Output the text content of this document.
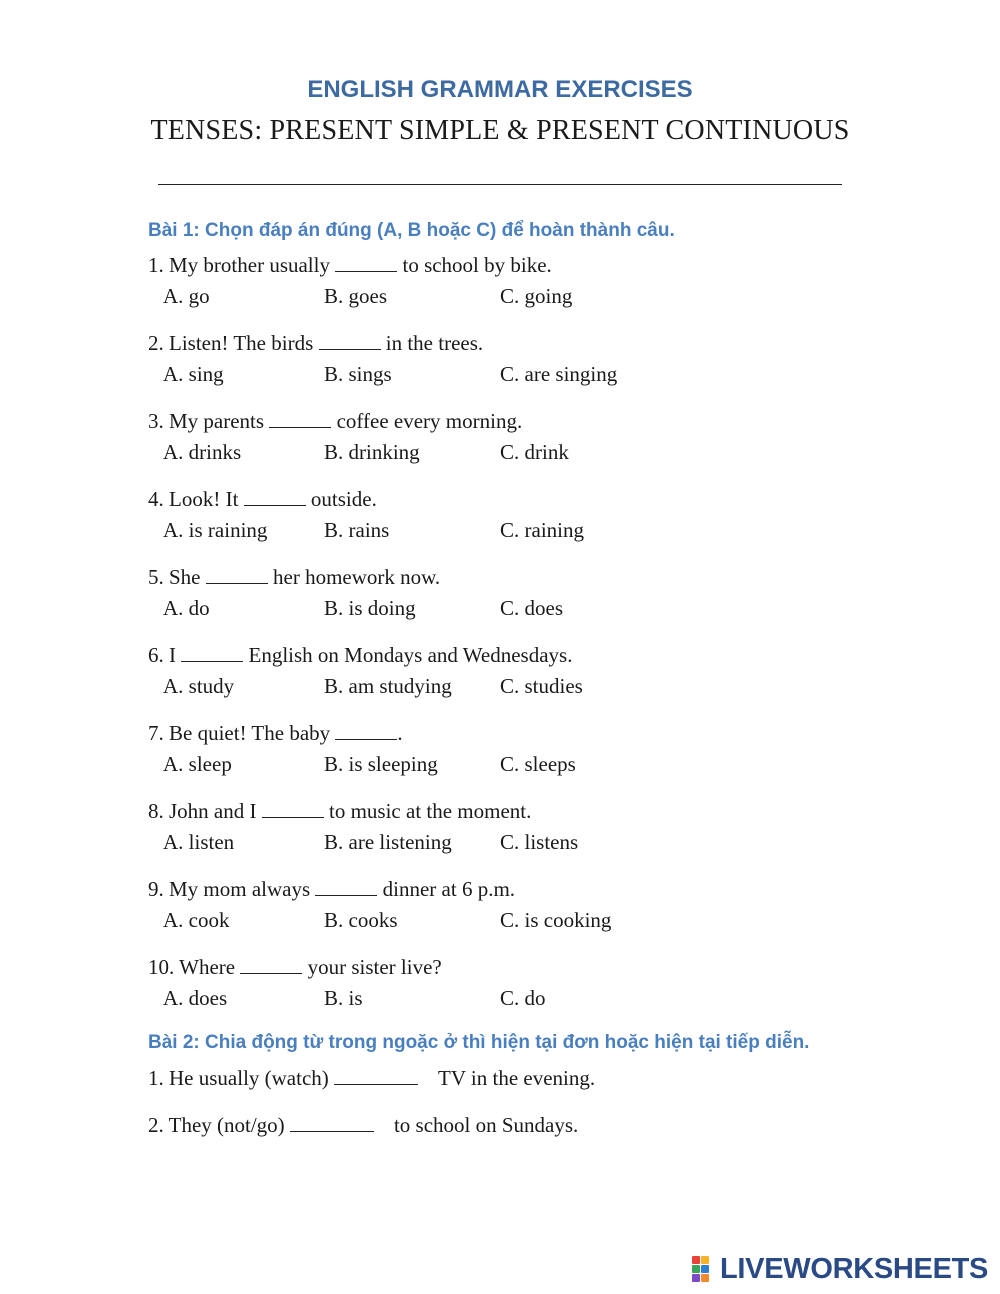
ENGLISH GRAMMAR EXERCISES
TENSES: PRESENT SIMPLE & PRESENT CONTINUOUS
Bài 1: Chọn đáp án đúng (A, B hoặc C) để hoàn thành câu.
1. My brother usually	to school by bike.
A. go	B. goes	C. going
2. Listen! The birds	in the trees.
A. sing	B. sings	C. are singing
3. My parents	coffee every morning.
A. drinks	B. drinking	C. drink
4. Look! It	outside.
A. is raining	B. rains	C. raining
5. She	her homework now.
A. do	B. is doing	C. does
6. I	English on Mondays and Wednesdays.
A. study	B. am studying C. studies
7. Be quiet! The baby	.
A. sleep	B. is sleeping	C. sleeps
8. John and I	to music at the moment.
A. listen	B. are listening C. listens
9. My mom always	dinner at 6 p.m.
A. cook	B. cooks	C. is cooking
10. Where	your sister live?
A. does	B. is	C. do
Bài 2: Chia động từ trong ngoặc ở thì hiện tại đơn hoặc hiện tại tiếp diễn.
1. He usually (watch)	TV in the evening.
2. They (not/go)	to school on Sundays.
LIVEWORKSHEETS
